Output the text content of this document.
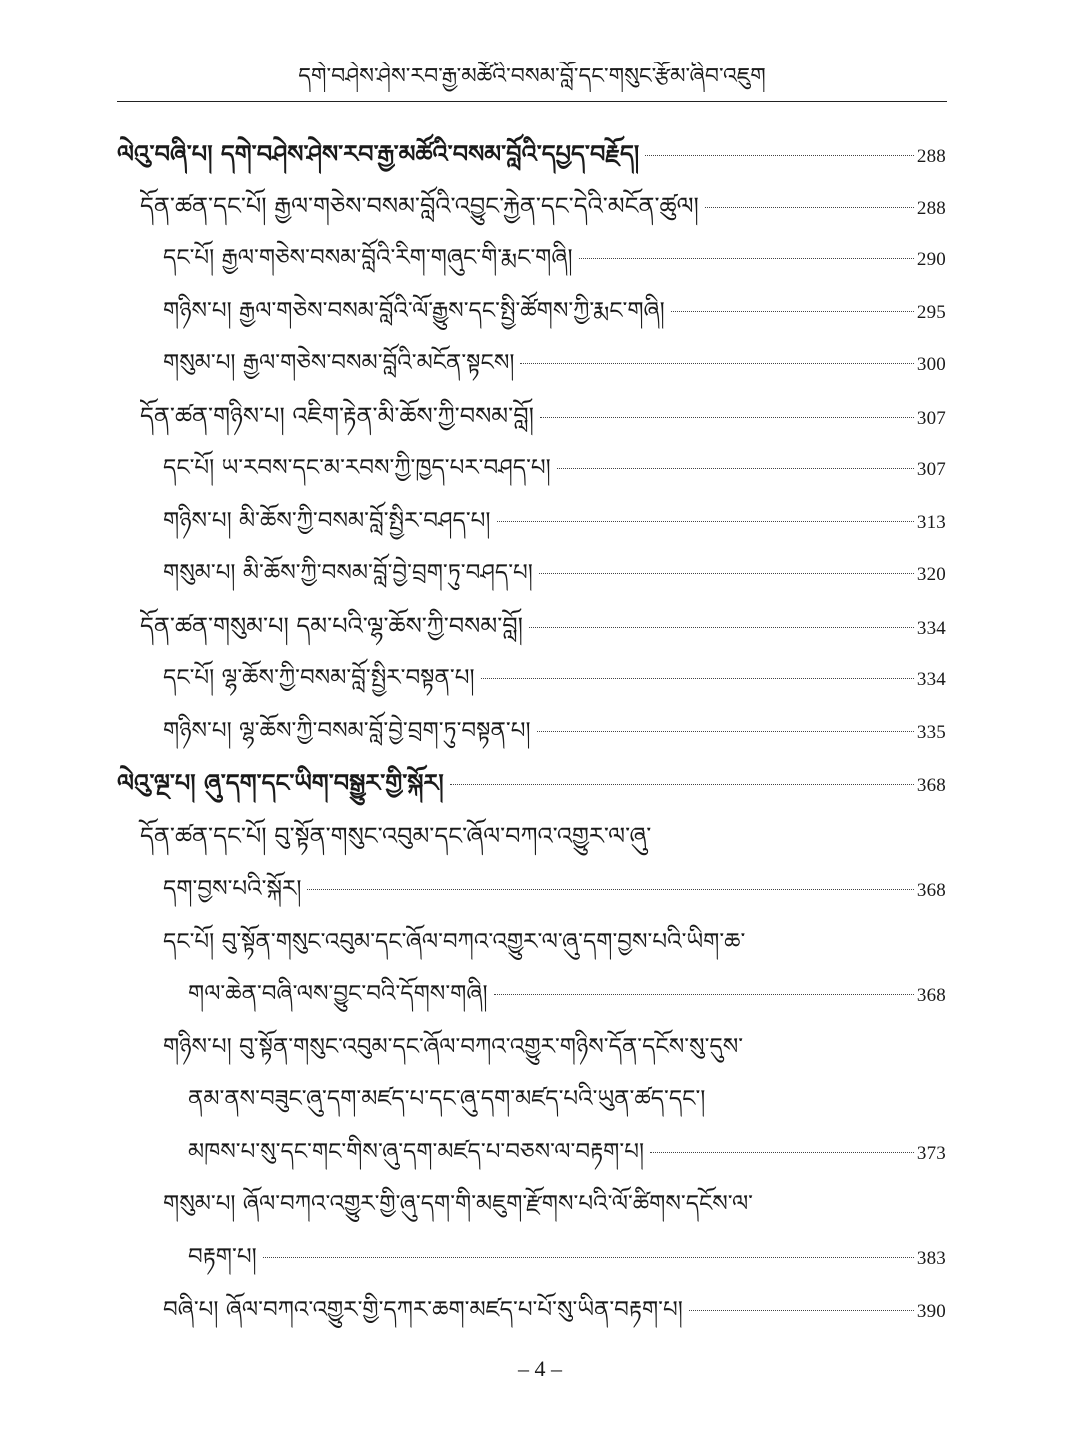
དགེ་བཤེས་ཤེས་རབ་རྒྱ་མཚོའི་བསམ་བློ་དང་གསུང་རྩོམ་ཞིབ་འཇུག
ལེའུ་བཞི་པ། དགེ་བཤེས་ཤེས་རབ་རྒྱ་མཚོའི་བསམ་བློའི་དཔྱད་བརྗོད།	288
དོན་ཚན་དང་པོ། རྒྱལ་གཅེས་བསམ་བློའི་འབྱུང་རྐྱེན་དང་དེའི་མངོན་ཚུལ།	288
དང་པོ། རྒྱལ་གཅེས་བསམ་བློའི་རིག་གཞུང་གི་རྨང་གཞི།	290
གཉིས་པ། རྒྱལ་གཅེས་བསམ་བློའི་ལོ་རྒྱུས་དང་སྤྱི་ཚོགས་ཀྱི་རྨང་གཞི།	295
གསུམ་པ། རྒྱལ་གཅེས་བསམ་བློའི་མངོན་སྟངས།	300
དོན་ཚན་གཉིས་པ། འཇིག་རྟེན་མི་ཆོས་ཀྱི་བསམ་བློ།	307
དང་པོ། ཡ་རབས་དང་མ་རབས་ཀྱི་ཁྱད་པར་བཤད་པ།	307
གཉིས་པ། མི་ཆོས་ཀྱི་བསམ་བློ་སྤྱིར་བཤད་པ།	313
གསུམ་པ། མི་ཆོས་ཀྱི་བསམ་བློ་བྱེ་བྲག་ཏུ་བཤད་པ།	320
དོན་ཚན་གསུམ་པ། དམ་པའི་ལྷ་ཆོས་ཀྱི་བསམ་བློ།	334
དང་པོ། ལྷ་ཆོས་ཀྱི་བསམ་བློ་སྤྱིར་བསྟན་པ།	334
གཉིས་པ། ལྷ་ཆོས་ཀྱི་བསམ་བློ་བྱེ་བྲག་ཏུ་བསྟན་པ།	335
ལེའུ་ལྔ་པ། ཞུ་དག་དང་ཡིག་བསྒྱུར་གྱི་སྐོར།	368
དོན་ཚན་དང་པོ། བུ་སྟོན་གསུང་འབུམ་དང་ཞོལ་བཀའ་འགྱུར་ལ་ཞུ་
དག་བྱས་པའི་སྐོར།	368
དང་པོ། བུ་སྟོན་གསུང་འབུམ་དང་ཞོལ་བཀའ་འགྱུར་ལ་ཞུ་དག་བྱས་པའི་ཡིག་ཆ་
གལ་ཆེན་བཞི་ལས་བྱུང་བའི་དོགས་གཞི།	368
གཉིས་པ། བུ་སྟོན་གསུང་འབུམ་དང་ཞོལ་བཀའ་འགྱུར་གཉིས་དོན་དངོས་སུ་དུས་
ནམ་ནས་བཟུང་ཞུ་དག་མཛད་པ་དང་ཞུ་དག་མཛད་པའི་ཡུན་ཚད་དང་།
མཁས་པ་སུ་དང་གང་གིས་ཞུ་དག་མཛད་པ་བཅས་ལ་བརྟག་པ།	373
གསུམ་པ། ཞོལ་བཀའ་འགྱུར་གྱི་ཞུ་དག་གི་མཇུག་རྫོགས་པའི་ལོ་ཚིགས་དངོས་ལ་
བརྟག་པ།	383
བཞི་པ། ཞོལ་བཀའ་འགྱུར་གྱི་དཀར་ཆག་མཛད་པ་པོ་སུ་ཡིན་བརྟག་པ།	390
– 4 –
